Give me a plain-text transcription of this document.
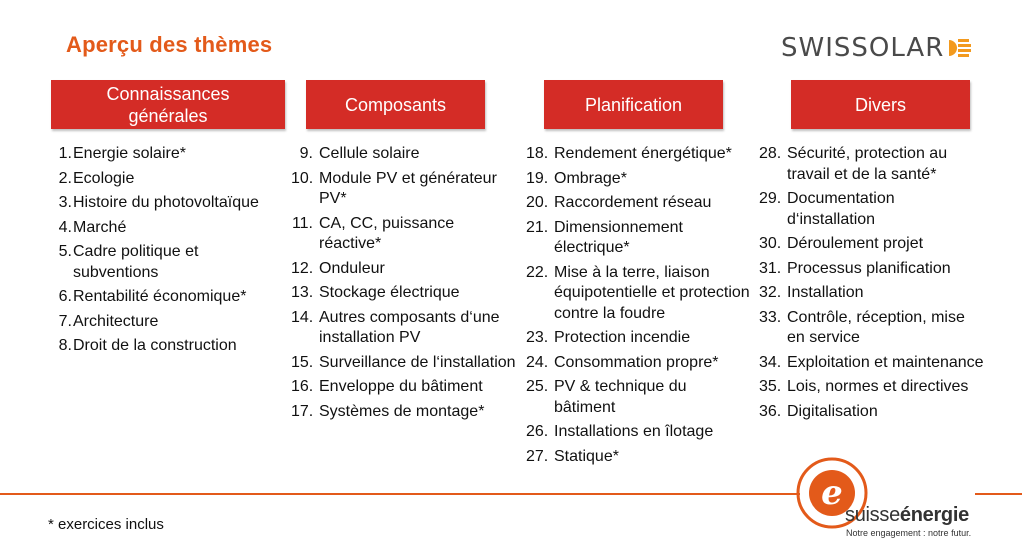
Aperçu des thèmes	SWISSOLAR
Connaissances générales
Composants	Planification	Divers
1. Energie solaire*
2. Ecologie
3. Histoire du photovoltaïque
4. Marché
5. Cadre politique et subventions
6. Rentabilité économique*
7. Architecture
8. Droit de la construction
9. Cellule solaire
10. Module PV et générateur PV*
11. CA, CC, puissance réactive*
12. Onduleur
13. Stockage électrique
14. Autres composants d‘une installation PV
15. Surveillance de l‘installation
16. Enveloppe du bâtiment
17. Systèmes de montage*
18. Rendement énergétique*
19. Ombrage*
20. Raccordement réseau
21. Dimensionnement électrique*
22. Mise à la terre, liaison équipotentielle et protection contre la foudre
23. Protection incendie
24. Consommation propre*
25. PV & technique du bâtiment
26. Installations en îlotage
27. Statique*
28. Sécurité, protection au travail et de la santé*
29. Documentation d‘installation
30. Déroulement projet
31. Processus planification
32. Installation
33. Contrôle, réception, mise en service
34. Exploitation et maintenance
35. Lois, normes et directives
36. Digitalisation
* exercices inclus
e
suisseénergie
Notre engagement : notre futur.
